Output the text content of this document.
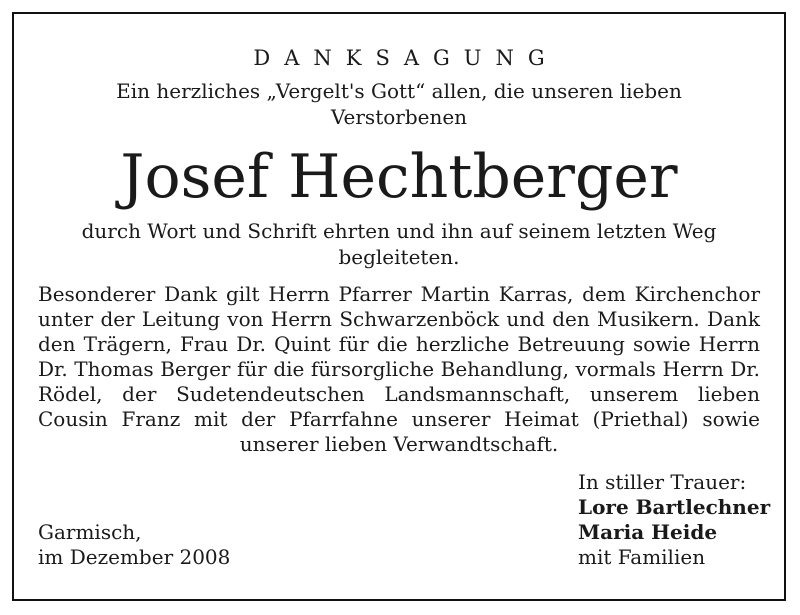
DANKSAGUNG
Ein herzliches „Vergelt's Gott“ allen, die unseren lieben
Verstorbenen
Josef Hechtberger
durch Wort und Schrift ehrten und ihn auf seinem letzten Weg
begleiteten.
Besonderer Dank gilt Herrn Pfarrer Martin Karras, dem Kirchenchor unter der Leitung von Herrn Schwarzenböck und den Musikern. Dank den Trägern, Frau Dr. Quint für die herzliche Betreuung sowie Herrn Dr. Thomas Berger für die fürsorgliche Behandlung, vormals Herrn Dr. Rödel, der Sudetendeutschen Landsmannschaft, unserem lieben Cousin Franz mit der Pfarrfahne unserer Heimat (Priethal) sowie unserer lieben Verwandtschaft.
Garmisch,
im Dezember 2008
In stiller Trauer:
Lore Bartlechner
Maria Heide
mit Familien
